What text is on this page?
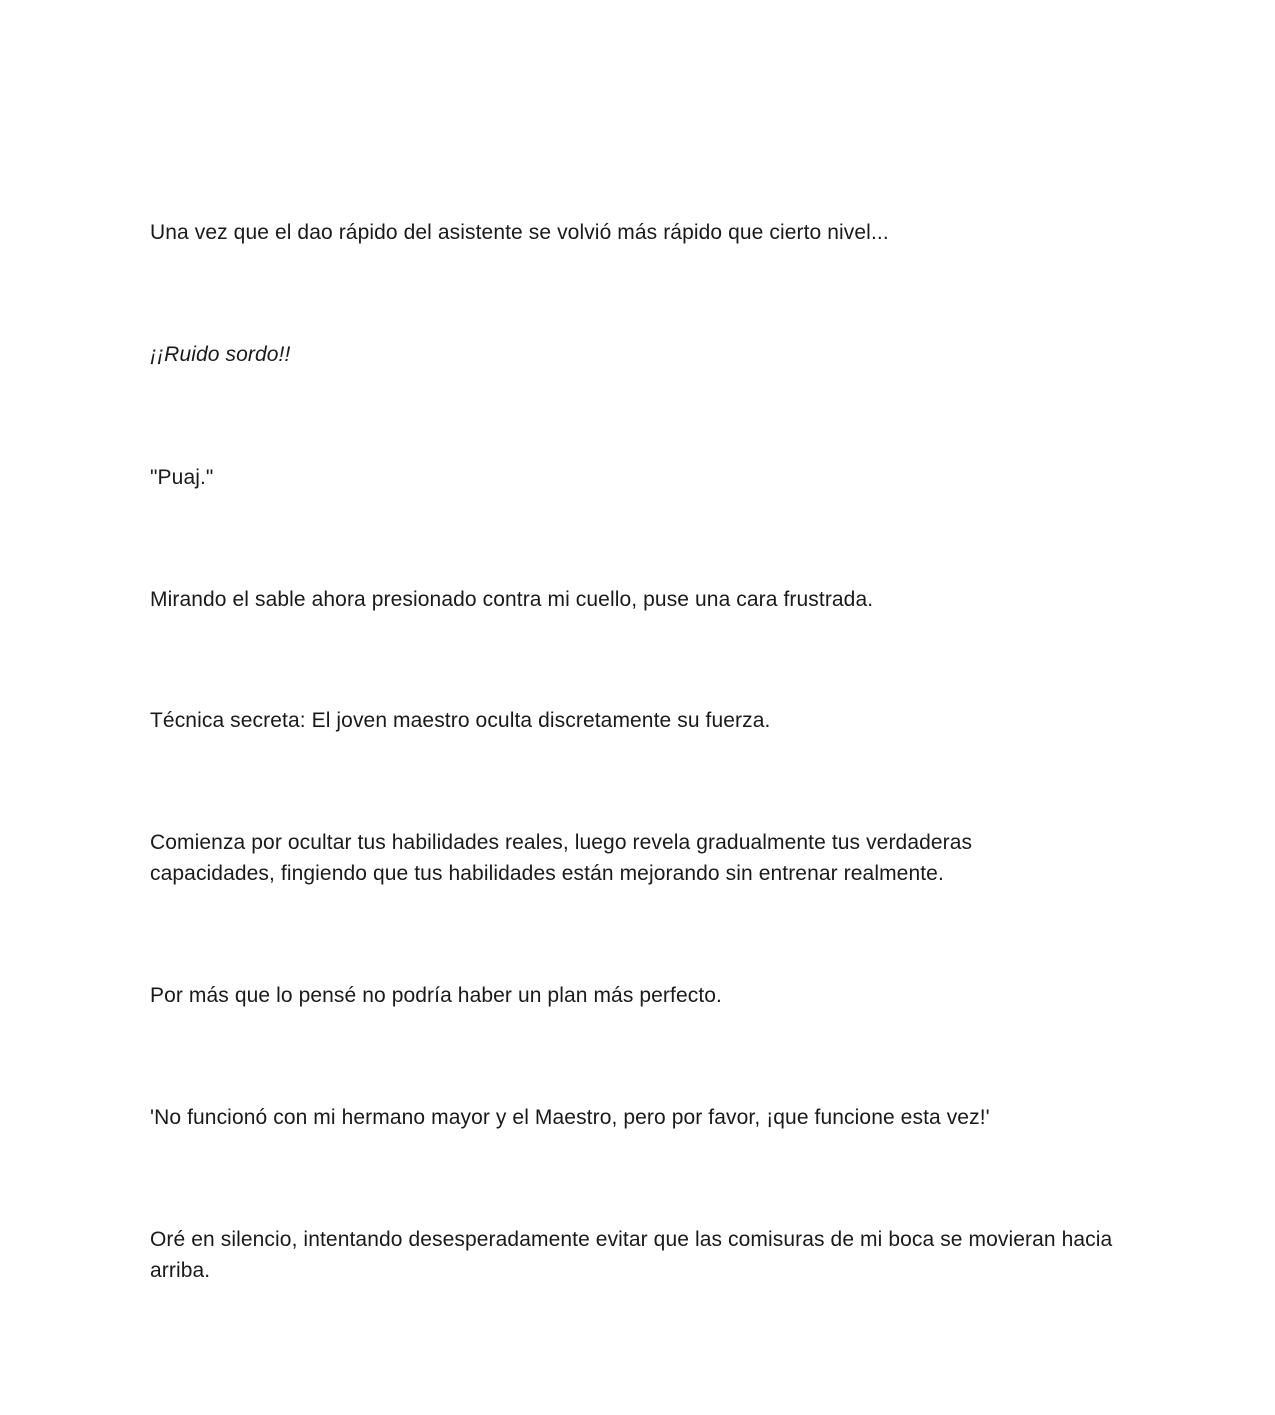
Una vez que el dao rápido del asistente se volvió más rápido que cierto nivel...

¡¡Ruido sordo!!

"Puaj."

Mirando el sable ahora presionado contra mi cuello, puse una cara frustrada.

Técnica secreta: El joven maestro oculta discretamente su fuerza.

Comienza por ocultar tus habilidades reales, luego revela gradualmente tus verdaderas capacidades, fingiendo que tus habilidades están mejorando sin entrenar realmente.

Por más que lo pensé no podría haber un plan más perfecto.

'No funcionó con mi hermano mayor y el Maestro, pero por favor, ¡que funcione esta vez!'

Oré en silencio, intentando desesperadamente evitar que las comisuras de mi boca se movieran hacia arriba.
